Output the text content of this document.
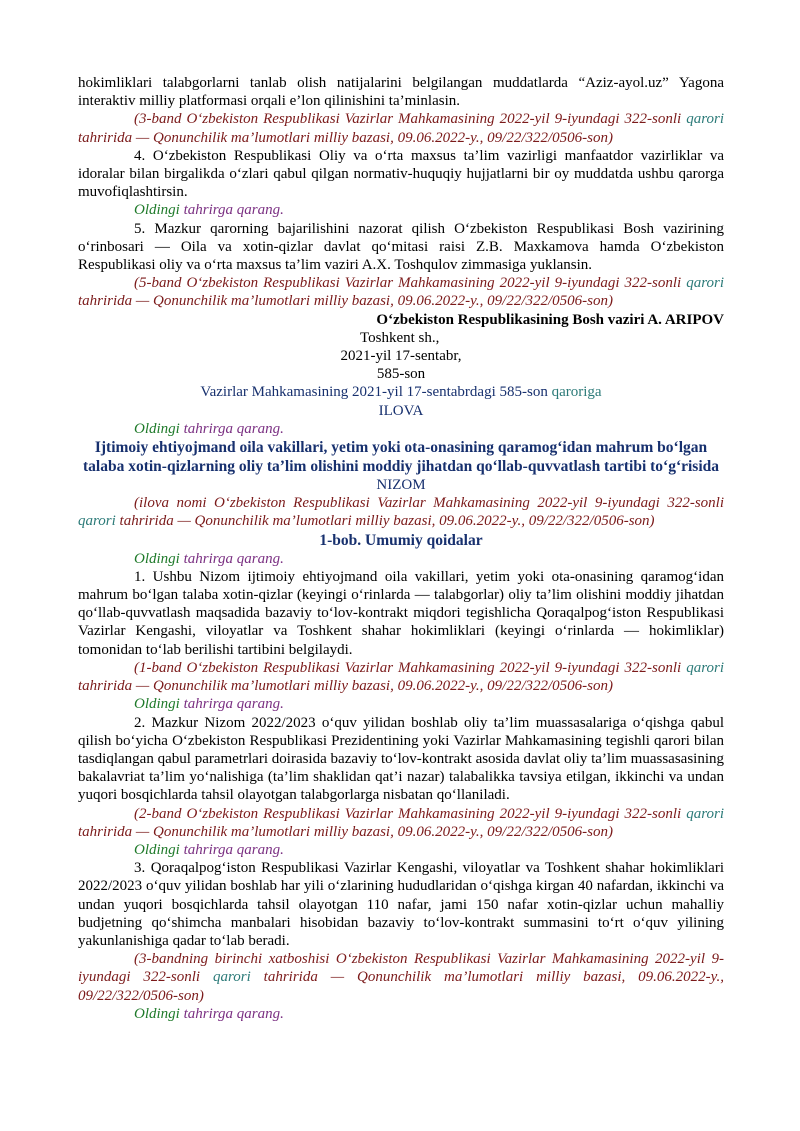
hokimliklari talabgorlarni tanlab olish natijalarini belgilangan muddatlarda “Aziz-ayol.uz” Yagona interaktiv milliy platformasi orqali e’lon qilinishini ta’minlasin.

(3-band O‘zbekiston Respublikasi Vazirlar Mahkamasining 2022-yil 9-iyundagi 322-sonli qarori tahririda — Qonunchilik ma’lumotlari milliy bazasi, 09.06.2022-y., 09/22/322/0506-son)

4. O‘zbekiston Respublikasi Oliy va o‘rta maxsus ta’lim vazirligi manfaatdor vazirliklar va idoralar bilan birgalikda o‘zlari qabul qilgan normativ-huquqiy hujjatlarni bir oy muddatda ushbu qarorga muvofiqlashtirsin.

Oldingi tahrirga qarang.

5. Mazkur qarorning bajarilishini nazorat qilish O‘zbekiston Respublikasi Bosh vazirining o‘rinbosari — Oila va xotin-qizlar davlat qo‘mitasi raisi Z.B. Maxkamova hamda O‘zbekiston Respublikasi oliy va o‘rta maxsus ta’lim vaziri A.X. Toshqulov zimmasiga yuklansin.

(5-band O‘zbekiston Respublikasi Vazirlar Mahkamasining 2022-yil 9-iyundagi 322-sonli qarori tahririda — Qonunchilik ma’lumotlari milliy bazasi, 09.06.2022-y., 09/22/322/0506-son)

O‘zbekiston Respublikasining Bosh vaziri A. ARIPOV

Toshkent sh.,

2021-yil 17-sentabr,

585-son

Vazirlar Mahkamasining 2021-yil 17-sentabrdagi 585-son qaroriga

ILOVA

Oldingi tahrirga qarang.

Ijtimoiy ehtiyojmand oila vakillari, yetim yoki ota-onasining qaramog‘idan mahrum bo‘lgan talaba xotin-qizlarning oliy ta’lim olishini moddiy jihatdan qo‘llab-quvvatlash tartibi to‘g‘risida

NIZOM

(ilova nomi O‘zbekiston Respublikasi Vazirlar Mahkamasining 2022-yil 9-iyundagi 322-sonli qarori tahririda — Qonunchilik ma’lumotlari milliy bazasi, 09.06.2022-y., 09/22/322/0506-son)

1-bob. Umumiy qoidalar

Oldingi tahrirga qarang.

1. Ushbu Nizom ijtimoiy ehtiyojmand oila vakillari, yetim yoki ota-onasining qaramog‘idan mahrum bo‘lgan talaba xotin-qizlar (keyingi o‘rinlarda — talabgorlar) oliy ta’lim olishini moddiy jihatdan qo‘llab-quvvatlash maqsadida bazaviy to‘lov-kontrakt miqdori tegishlicha Qoraqalpog‘iston Respublikasi Vazirlar Kengashi, viloyatlar va Toshkent shahar hokimliklari (keyingi o‘rinlarda — hokimliklar) tomonidan to‘lab berilishi tartibini belgilaydi.

(1-band O‘zbekiston Respublikasi Vazirlar Mahkamasining 2022-yil 9-iyundagi 322-sonli qarori tahririda — Qonunchilik ma’lumotlari milliy bazasi, 09.06.2022-y., 09/22/322/0506-son)

Oldingi tahrirga qarang.

2. Mazkur Nizom 2022/2023 o‘quv yilidan boshlab oliy ta’lim muassasalariga o‘qishga qabul qilish bo‘yicha O‘zbekiston Respublikasi Prezidentining yoki Vazirlar Mahkamasining tegishli qarori bilan tasdiqlangan qabul parametrlari doirasida bazaviy to‘lov-kontrakt asosida davlat oliy ta’lim muassasasining bakalavriat ta’lim yo‘nalishiga (ta’lim shaklidan qat’i nazar) talabalikka tavsiya etilgan, ikkinchi va undan yuqori bosqichlarda tahsil olayotgan talabgorlarga nisbatan qo‘llaniladi.

(2-band O‘zbekiston Respublikasi Vazirlar Mahkamasining 2022-yil 9-iyundagi 322-sonli qarori tahririda — Qonunchilik ma’lumotlari milliy bazasi, 09.06.2022-y., 09/22/322/0506-son)

Oldingi tahrirga qarang.

3. Qoraqalpog‘iston Respublikasi Vazirlar Kengashi, viloyatlar va Toshkent shahar hokimliklari 2022/2023 o‘quv yilidan boshlab har yili o‘zlarining hududlaridan o‘qishga kirgan 40 nafardan, ikkinchi va undan yuqori bosqichlarda tahsil olayotgan 110 nafar, jami 150 nafar xotin-qizlar uchun mahalliy budjetning qo‘shimcha manbalari hisobidan bazaviy to‘lov-kontrakt summasini to‘rt o‘quv yilining yakunlanishiga qadar to‘lab beradi.

(3-bandning birinchi xatboshisi O‘zbekiston Respublikasi Vazirlar Mahkamasining 2022-yil 9-iyundagi 322-sonli qarori tahririda — Qonunchilik ma’lumotlari milliy bazasi, 09.06.2022-y., 09/22/322/0506-son)

Oldingi tahrirga qarang.
